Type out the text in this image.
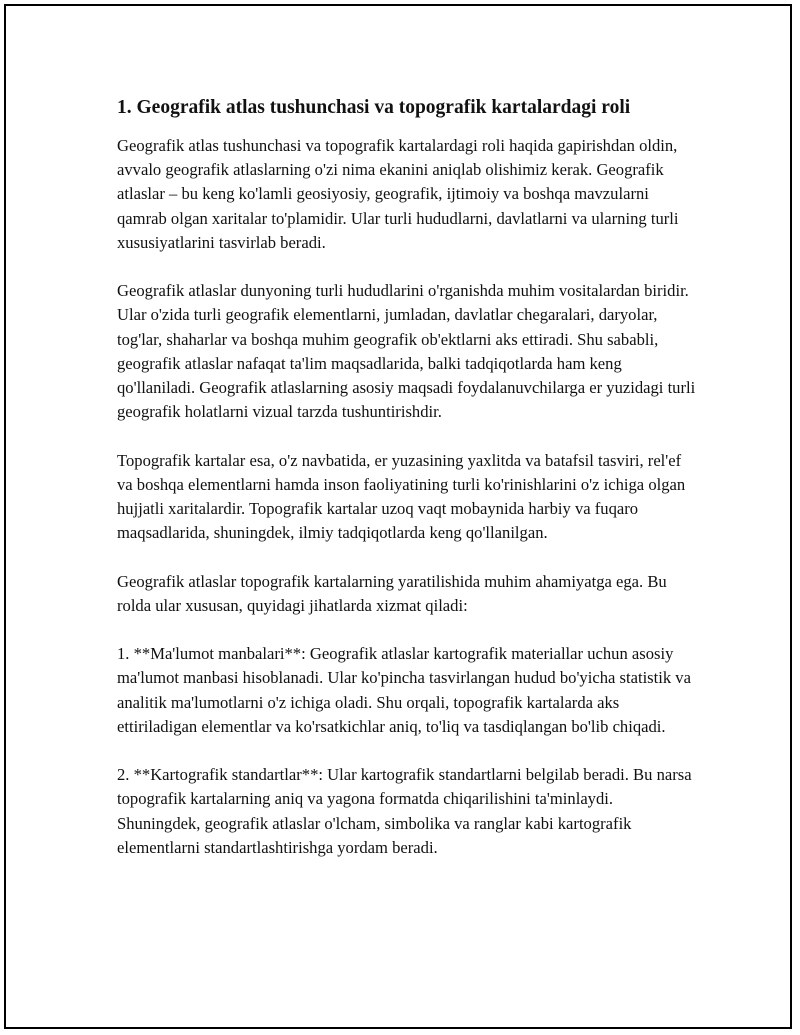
1. Geografik atlas tushunchasi va topografik kartalardagi roli

Geografik atlas tushunchasi va topografik kartalardagi roli haqida gapirishdan oldin, avvalo geografik atlaslarning o'zi nima ekanini aniqlab olishimiz kerak. Geografik atlaslar – bu keng ko'lamli geosiyosiy, geografik, ijtimoiy va boshqa mavzularni qamrab olgan xaritalar to'plamidir. Ular turli hududlarni, davlatlarni va ularning turli xususiyatlarini tasvirlab beradi.

Geografik atlaslar dunyoning turli hududlarini o'rganishda muhim vositalardan biridir. Ular o'zida turli geografik elementlarni, jumladan, davlatlar chegaralari, daryolar, tog'lar, shaharlar va boshqa muhim geografik ob'ektlarni aks ettiradi. Shu sababli, geografik atlaslar nafaqat ta'lim maqsadlarida, balki tadqiqotlarda ham keng qo'llaniladi. Geografik atlaslarning asosiy maqsadi foydalanuvchilarga er yuzidagi turli geografik holatlarni vizual tarzda tushuntirishdir.

Topografik kartalar esa, o'z navbatida, er yuzasining yaxlitda va batafsil tasviri, rel'ef va boshqa elementlarni hamda inson faoliyatining turli ko'rinishlarini o'z ichiga olgan hujjatli xaritalardir. Topografik kartalar uzoq vaqt mobaynida harbiy va fuqaro maqsadlarida, shuningdek, ilmiy tadqiqotlarda keng qo'llanilgan.

Geografik atlaslar topografik kartalarning yaratilishida muhim ahamiyatga ega. Bu rolda ular xususan, quyidagi jihatlarda xizmat qiladi:

1. **Ma'lumot manbalari**: Geografik atlaslar kartografik materiallar uchun asosiy ma'lumot manbasi hisoblanadi. Ular ko'pincha tasvirlangan hudud bo'yicha statistik va analitik ma'lumotlarni o'z ichiga oladi. Shu orqali, topografik kartalarda aks ettiriladigan elementlar va ko'rsatkichlar aniq, to'liq va tasdiqlangan bo'lib chiqadi.

2. **Kartografik standartlar**: Ular kartografik standartlarni belgilab beradi. Bu narsa topografik kartalarning aniq va yagona formatda chiqarilishini ta'minlaydi. Shuningdek, geografik atlaslar o'lcham, simbolika va ranglar kabi kartografik elementlarni standartlashtirishga yordam beradi.
